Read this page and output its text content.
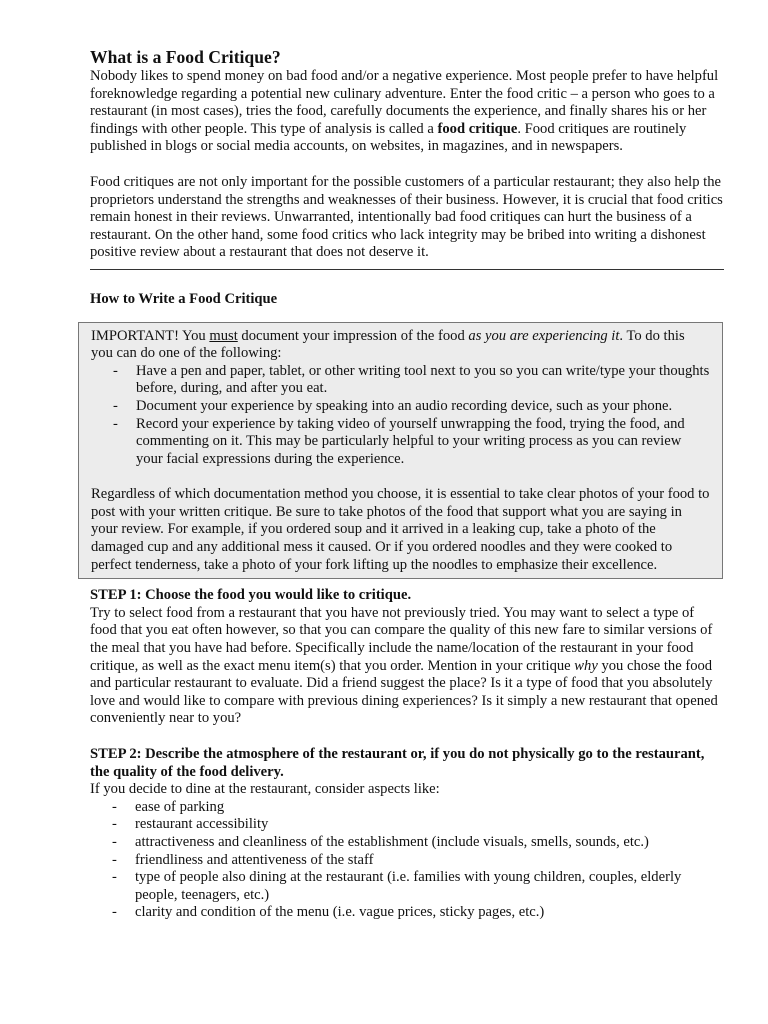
What is a Food Critique?

Nobody likes to spend money on bad food and/or a negative experience. Most people prefer to have helpful foreknowledge regarding a potential new culinary adventure. Enter the food critic – a person who goes to a restaurant (in most cases), tries the food, carefully documents the experience, and finally shares his or her findings with other people. This type of analysis is called a food critique. Food critiques are routinely published in blogs or social media accounts, on websites, in magazines, and in newspapers.

Food critiques are not only important for the possible customers of a particular restaurant; they also help the proprietors understand the strengths and weaknesses of their business. However, it is crucial that food critics remain honest in their reviews. Unwarranted, intentionally bad food critiques can hurt the business of a restaurant. On the other hand, some food critics who lack integrity may be bribed into writing a dishonest positive review about a restaurant that does not deserve it.

How to Write a Food Critique

IMPORTANT! You must document your impression of the food as you are experiencing it. To do this you can do one of the following:

- Have a pen and paper, tablet, or other writing tool next to you so you can write/type your thoughts before, during, and after you eat.
- Document your experience by speaking into an audio recording device, such as your phone.
- Record your experience by taking video of yourself unwrapping the food, trying the food, and commenting on it. This may be particularly helpful to your writing process as you can review your facial expressions during the experience.

Regardless of which documentation method you choose, it is essential to take clear photos of your food to post with your written critique. Be sure to take photos of the food that support what you are saying in your review. For example, if you ordered soup and it arrived in a leaking cup, take a photo of the damaged cup and any additional mess it caused. Or if you ordered noodles and they were cooked to perfect tenderness, take a photo of your fork lifting up the noodles to emphasize their excellence.

STEP 1: Choose the food you would like to critique.

Try to select food from a restaurant that you have not previously tried. You may want to select a type of food that you eat often however, so that you can compare the quality of this new fare to similar versions of the meal that you have had before. Specifically include the name/location of the restaurant in your food critique, as well as the exact menu item(s) that you order. Mention in your critique why you chose the food and particular restaurant to evaluate. Did a friend suggest the place? Is it a type of food that you absolutely love and would like to compare with previous dining experiences? Is it simply a new restaurant that opened conveniently near to you?

STEP 2: Describe the atmosphere of the restaurant or, if you do not physically go to the restaurant, the quality of the food delivery.

If you decide to dine at the restaurant, consider aspects like:

- ease of parking
- restaurant accessibility
- attractiveness and cleanliness of the establishment (include visuals, smells, sounds, etc.)
- friendliness and attentiveness of the staff
- type of people also dining at the restaurant (i.e. families with young children, couples, elderly people, teenagers, etc.)
- clarity and condition of the menu (i.e. vague prices, sticky pages, etc.)
